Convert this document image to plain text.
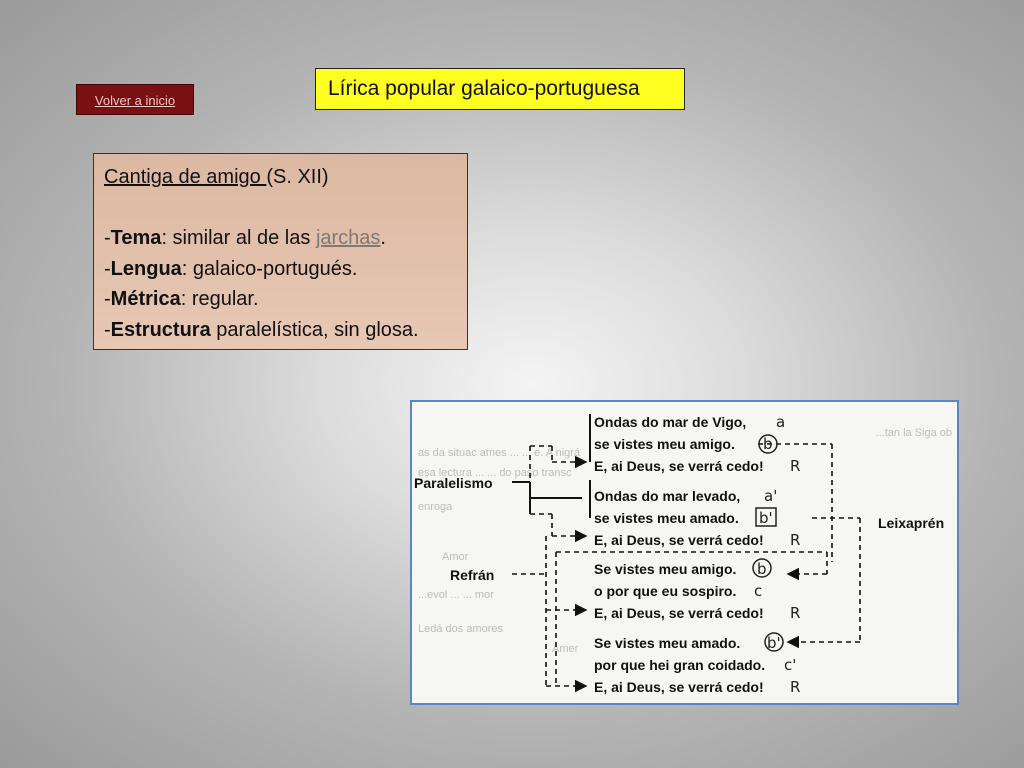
Volver a inicio
Lírica popular galaico-portuguesa
Cantiga de amigo (S. XII)
-Tema: similar al de las jarchas.
-Lengua: galaico-portugués.
-Métrica: regular.
-Estructura paralelística, sin glosa.
...tan la Siga ob
as da situac ames ... ... e. A nigrá
esa lectura ... ... do paso transc
enroga
Amor
...evol ... ... mor
Ledá dos amores
Amer
Paralelismo
Refrán
Leixaprén
Ondas do mar de Vigo,
se vistes meu amigo.
E, ai Deus, se verrá cedo!
Ondas do mar levado,
se vistes meu amado.
E, ai Deus, se verrá cedo!
Se vistes meu amigo.
o por que eu sospiro.
E, ai Deus, se verrá cedo!
Se vistes meu amado.
por que hei gran coidado.
E, ai Deus, se verrá cedo!
a
b
R
a'
b'
R
b
c
R
b'
c'
R
